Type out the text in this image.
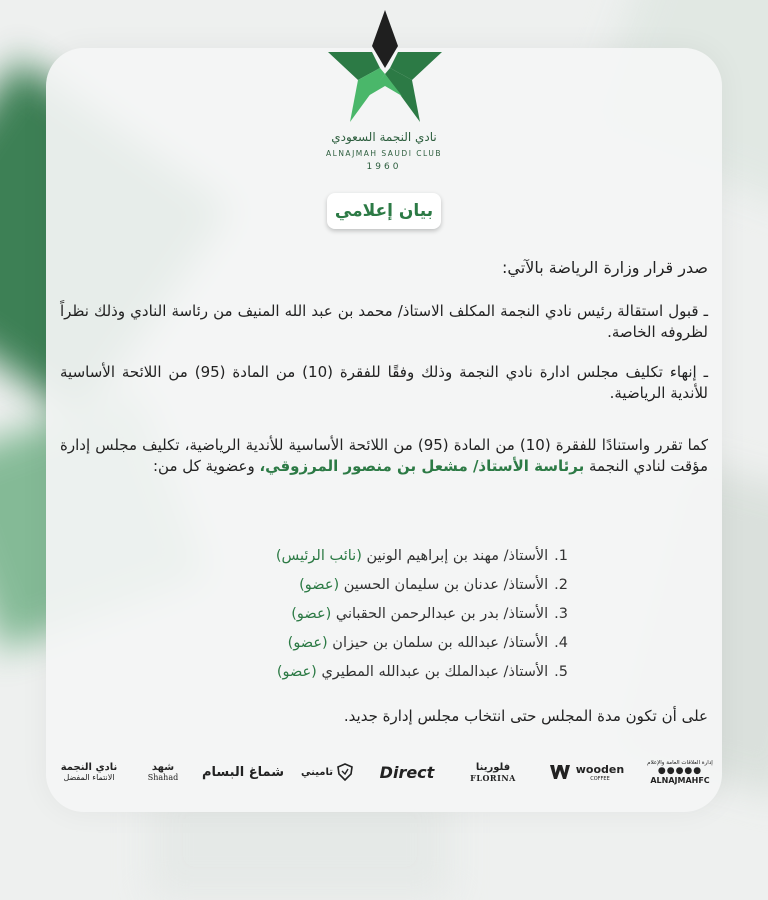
نادي النجمة السعودي
ALNAJMAH SAUDI CLUB
1960
بيان إعلامي
صدر قرار وزارة الرياضة بالآتي:
ـ قبول استقالة رئيس نادي النجمة المكلف الاستاذ/ محمد بن عبد الله المنيف من رئاسة النادي وذلك نظراً لظروفه الخاصة.
ـ إنهاء تكليف مجلس ادارة نادي النجمة وذلك وفقًا للفقرة (10) من المادة (95) من اللائحة الأساسية للأندية الرياضية.
كما تقرر واستنادًا للفقرة (10) من المادة (95) من اللائحة الأساسية للأندية الرياضية، تكليف مجلس إدارة مؤقت لنادي النجمة برئاسة الأستاذ/ مشعل بن منصور المرزوقي، وعضوية كل من:
1.الأستاذ/ مهند بن إبراهيم الونين (نائب الرئيس)
2.الأستاذ/ عدنان بن سليمان الحسين (عضو)
3.الأستاذ/ بدر بن عبدالرحمن الحقباني (عضو)
4.الأستاذ/ عبدالله بن سلمان بن حيزان (عضو)
5.الأستاذ/ عبدالملك بن عبدالله المطيري (عضو)
على أن تكون مدة المجلس حتى انتخاب مجلس إدارة جديد.
نادي النجمة
الانتماء المفضل
شهد
Shahad شماغ البسام تاميني	Direct	فلورينا
FLORINA
wooden
COFFEE
إدارة العلاقات العامة والإعلام
●●●●●
ALNAJMAHFC
